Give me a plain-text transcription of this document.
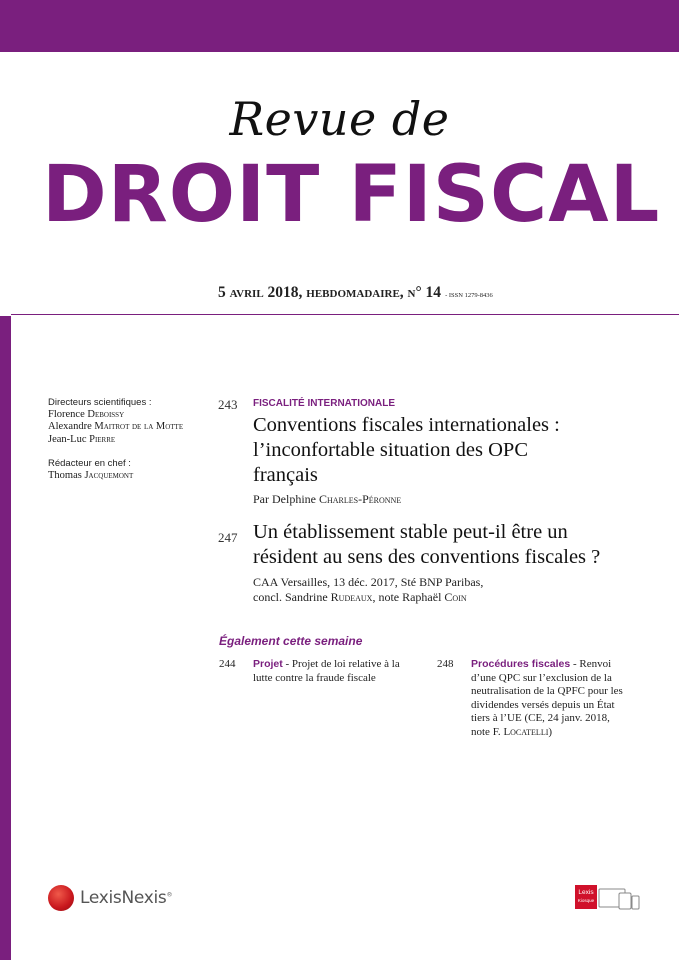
Revue de
DROIT FISCAL
5 avril 2018, hebdomadaire, n° 14 - ISSN 1279-8436
Directeurs scientifiques :
Florence Deboissy
Alexandre Maitrot de la Motte
Jean-Luc Pierre
Rédacteur en chef :
Thomas Jacquemont
243 FISCALITÉ INTERNATIONALE
Conventions fiscales internationales :
l’inconfortable situation des OPC
français
Par Delphine Charles-Péronne
247 Un établissement stable peut-il être un
résident au sens des conventions fiscales ?
CAA Versailles, 13 déc. 2017, Sté BNP Paribas,
concl. Sandrine Rudeaux, note Raphaël Coin
Également cette semaine
244 Projet - Projet de loi relative à la
lutte contre la fraude fiscale
248 Procédures fiscales - Renvoi
d’une QPC sur l’exclusion de la
neutralisation de la QPFC pour les
dividendes versés depuis un État
tiers à l’UE (CE, 24 janv. 2018,
note F. Locatelli)
LexisNexis®	Lexis
Kiosque
